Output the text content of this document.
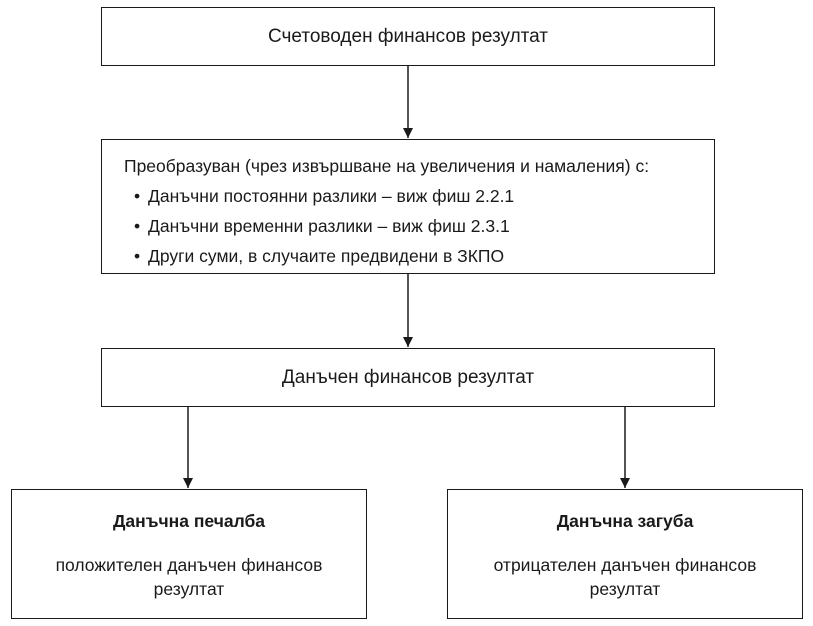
Счетоводен финансов резултат
Преобразуван (чрез извършване на увеличения и намаления) с:
• Данъчни постоянни разлики – виж фиш 2.2.1
• Данъчни временни разлики – виж фиш 2.3.1
• Други суми, в случаите предвидени в ЗКПО
Данъчен финансов резултат
Данъчна печалба
положителен данъчен финансов резултат
Данъчна загуба
отрицателен данъчен финансов резултат
